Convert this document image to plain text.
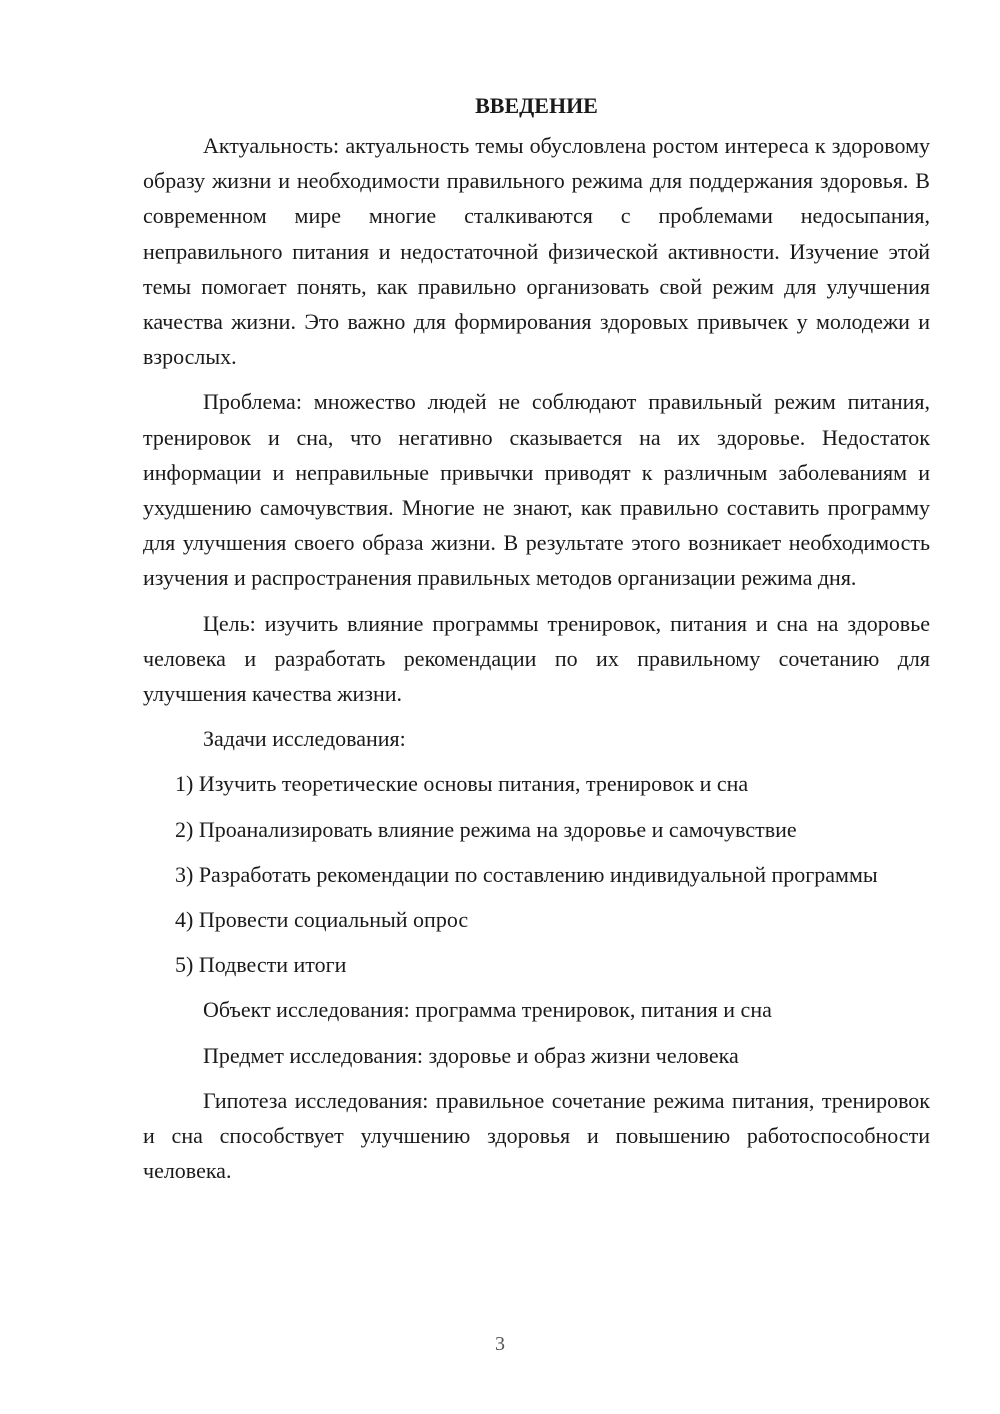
ВВЕДЕНИЕ

Актуальность: актуальность темы обусловлена ростом интереса к здоровому образу жизни и необходимости правильного режима для поддержания здоровья. В современном мире многие сталкиваются с проблемами недосыпания, неправильного питания и недостаточной физической активности. Изучение этой темы помогает понять, как правильно организовать свой режим для улучшения качества жизни. Это важно для формирования здоровых привычек у молодежи и взрослых.

Проблема: множество людей не соблюдают правильный режим питания, тренировок и сна, что негативно сказывается на их здоровье. Недостаток информации и неправильные привычки приводят к различным заболеваниям и ухудшению самочувствия. Многие не знают, как правильно составить программу для улучшения своего образа жизни. В результате этого возникает необходимость изучения и распространения правильных методов организации режима дня.

Цель: изучить влияние программы тренировок, питания и сна на здоровье человека и разработать рекомендации по их правильному сочетанию для улучшения качества жизни.

Задачи исследования:

1) Изучить теоретические основы питания, тренировок и сна

2) Проанализировать влияние режима на здоровье и самочувствие

3) Разработать рекомендации по составлению индивидуальной программы

4) Провести социальный опрос

5) Подвести итоги

Объект исследования: программа тренировок, питания и сна

Предмет исследования: здоровье и образ жизни человека

Гипотеза исследования: правильное сочетание режима питания, тренировок и сна способствует улучшению здоровья и повышению работоспособности человека.

3
